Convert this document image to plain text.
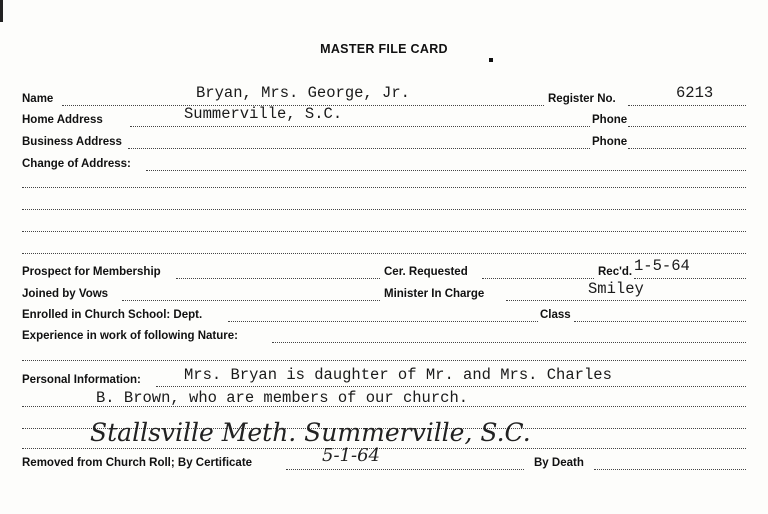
MASTER FILE CARD
Name	Bryan, Mrs. George, Jr.	Register No.	6213
Home Address	Summerville, S.C.	Phone
Business Address	Phone
Change of Address:
Prospect for Membership	Cer. Requested	Rec'd. 1-5-64
Joined by Vows	Minister In Charge	Smiley
Enrolled in Church School: Dept.	Class
Experience in work of following Nature:
Personal Information:	Mrs. Bryan is daughter of Mr. and Mrs. Charles
B. Brown, who are members of our church.
Stallsville Meth. Summerville, S.C.
Removed from Church Roll; By Certificate	5-1-64	By Death
